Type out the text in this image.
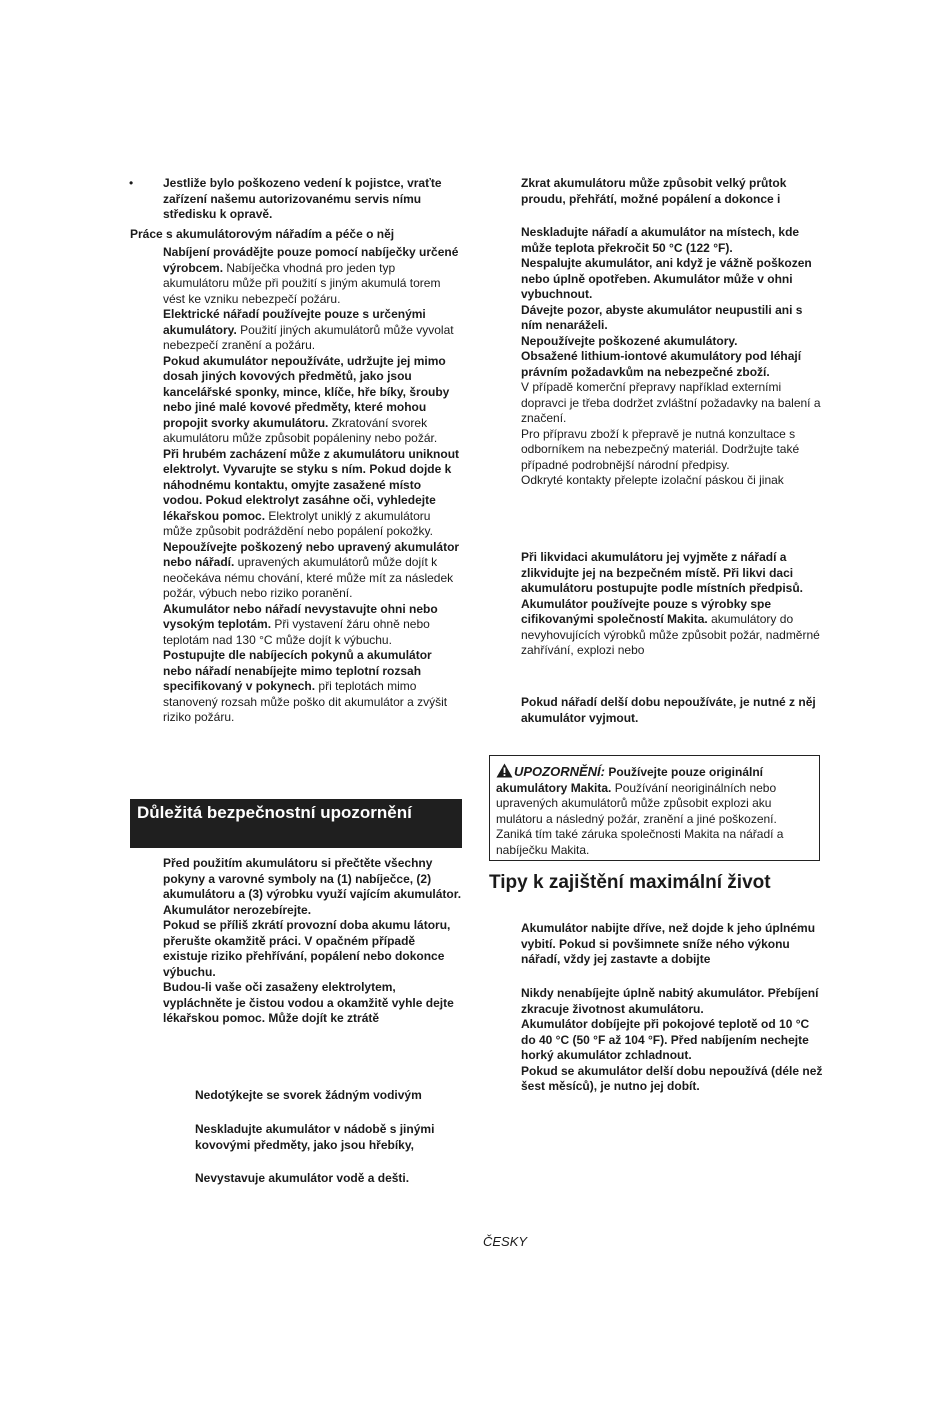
• Jestliže bylo poškozeno vedení k pojistce, vraťte zařízení našemu autorizovanému servis nímu středisku k opravě.

Práce s akumulátorovým nářadím a péče o něj

Nabíjení provádějte pouze pomocí nabíječky určené výrobcem. Nabíječka vhodná pro jeden typ akumulátoru může při použití s jiným akumulá torem vést ke vzniku nebezpečí požáru.

Elektrické nářadí používejte pouze s určenými akumulátory. Použití jiných akumulátorů může vyvolat nebezpečí zranění a požáru.

Pokud akumulátor nepoužíváte, udržujte jej mimo dosah jiných kovových předmětů, jako jsou kancelářské sponky, mince, klíče, hře bíky, šrouby nebo jiné malé kovové předměty, které mohou propojit svorky akumulátoru. Zkratování svorek akumulátoru může způsobit popáleniny nebo požár.

Při hrubém zacházení může z akumulátoru uniknout elektrolyt. Vyvarujte se styku s ním. Pokud dojde k náhodnému kontaktu, omyjte zasažené místo vodou. Pokud elektrolyt zasáhne oči, vyhledejte lékařskou pomoc. Elektrolyt uniklý z akumulátoru může způsobit podráždění nebo popálení pokožky.

Nepoužívejte poškozený nebo upravený akumulátor nebo nářadí. upravených akumulátorů může dojít k neočekáva nému chování, které může mít za následek požár, výbuch nebo riziko poranění.

Akumulátor nebo nářadí nevystavujte ohni nebo vysokým teplotám. Při vystavení žáru ohně nebo teplotám nad 130 °C může dojít k výbuchu.

Postupujte dle nabíjecích pokynů a akumulátor nebo nářadí nenabíjejte mimo teplotní rozsah specifikovaný v pokynech. při teplotách mimo stanovený rozsah může poško dit akumulátor a zvýšit riziko požáru.

Důležitá bezpečnostní upozornění

Před použitím akumulátoru si přečtěte všechny pokyny a varovné symboly na (1) nabíječce, (2) akumulátoru a (3) výrobku využí vajícím akumulátor.

Akumulátor nerozebírejte.

Pokud se příliš zkrátí provozní doba akumu látoru, přerušte okamžitě práci. V opačném případě existuje riziko přehřívání, popálení nebo dokonce výbuchu.

Budou-li vaše oči zasaženy elektrolytem, vypláchněte je čistou vodou a okamžitě vyhle dejte lékařskou pomoc. Může dojít ke ztrátě

Nedotýkejte se svorek žádným vodivým

Neskladujte akumulátor v nádobě s jinými kovovými předměty, jako jsou hřebíky,

Nevystavuje akumulátor vodě a dešti.

Zkrat akumulátoru může způsobit velký průtok proudu, přehřátí, možné popálení a dokonce i

Neskladujte nářadí a akumulátor na místech, kde může teplota překročit 50 °C (122 °F).

Nespalujte akumulátor, ani když je vážně poškozen nebo úplně opotřeben. Akumulátor může v ohni vybuchnout.

Dávejte pozor, abyste akumulátor neupustili ani s ním nenaráželi.

Nepoužívejte poškozené akumulátory.

Obsažené lithium-iontové akumulátory pod léhají právním požadavkům na nebezpečné zboží.

V případě komerční přepravy například externími dopravci je třeba dodržet zvláštní požadavky na balení a značení.

Pro přípravu zboží k přepravě je nutná konzultace s odborníkem na nebezpečný materiál. Dodržujte také případné podrobnější národní předpisy.

Odkryté kontakty přelepte izolační páskou či jinak

Při likvidaci akumulátoru jej vyjměte z nářadí a zlikvidujte jej na bezpečném místě. Při likvi daci akumulátoru postupujte podle místních předpisů.

Akumulátor používejte pouze s výrobky spe cifikovanými společností Makita. akumulátory do nevyhovujících výrobků může způsobit požár, nadměrné zahřívání, explozi nebo

Pokud nářadí delší dobu nepoužíváte, je nutné z něj akumulátor vyjmout.

UPOZORNĚNÍ: Používejte pouze originální akumulátory Makita. Používání neoriginálních nebo upravených akumulátorů může způsobit explozi aku mulátoru a následný požár, zranění a jiné poškození. Zaniká tím také záruka společnosti Makita na nářadí a nabíječku Makita.

Tipy k zajištění maximální život

Akumulátor nabijte dříve, než dojde k jeho úplnému vybití. Pokud si povšimnete sníže ného výkonu nářadí, vždy jej zastavte a dobijte

Nikdy nenabíjejte úplně nabitý akumulátor. Přebíjení zkracuje životnost akumulátoru.

Akumulátor dobíjejte při pokojové teplotě od 10 °C do 40 °C (50 °F až 104 °F). Před nabíjením nechejte horký akumulátor zchladnout.

Pokud se akumulátor delší dobu nepoužívá (déle než šest měsíců), je nutno jej dobít.

ČESKY
